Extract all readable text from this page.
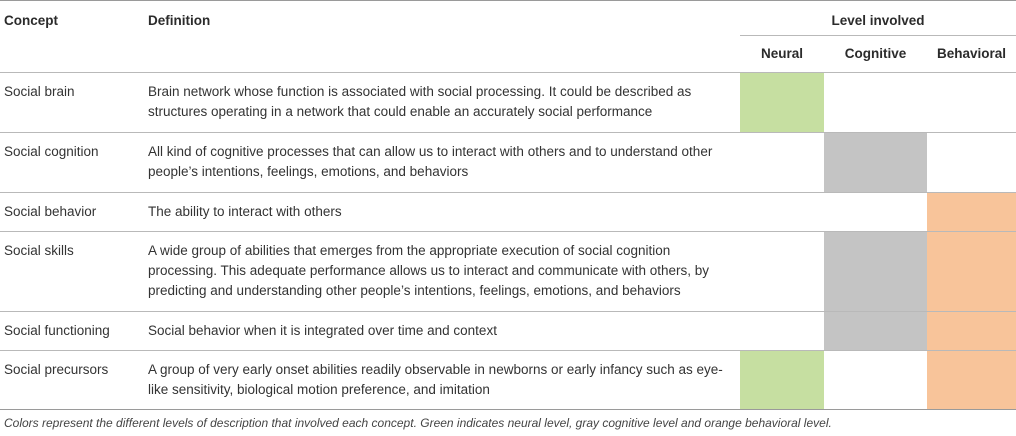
Concept	Definition	Level involved
Neural	Cognitive	Behavioral
Social brain	Brain network whose function is associated with social processing. It could be described as structures operating in a network that could enable an accurately social performance
Social cognition	All kind of cognitive processes that can allow us to interact with others and to understand other people’s intentions, feelings, emotions, and behaviors
Social behavior	The ability to interact with others
Social skills	A wide group of abilities that emerges from the appropriate execution of social cognition processing. This adequate performance allows us to interact and communicate with others, by predicting and understanding other people’s intentions, feelings, emotions, and behaviors
Social functioning	Social behavior when it is integrated over time and context
Social precursors	A group of very early onset abilities readily observable in newborns or early infancy such as eye-like sensitivity, biological motion preference, and imitation
Colors represent the different levels of description that involved each concept. Green indicates neural level, gray cognitive level and orange behavioral level.
